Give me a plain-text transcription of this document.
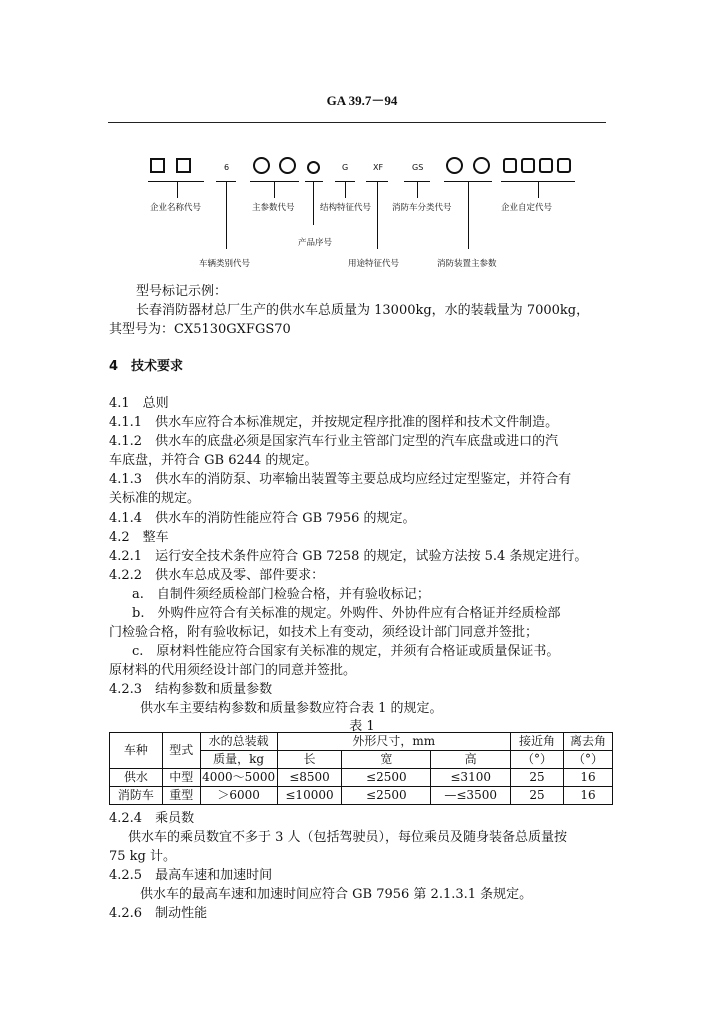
GA 39.7－94
6	G	XF	GS
企业名称代号	主参数代号	结构特征代号 消防车分类代号	企业自定代号
产品序号
车辆类别代号	用途特征代号	消防装置主参数
型号标记示例：
长春消防器材总厂生产的供水车总质量为 13000kg，水的装载量为 7000kg，
其型号为：CX5130GXFGS70
4　技术要求
4.1　总则
4.1.1　供水车应符合本标准规定，并按规定程序批准的图样和技术文件制造。
4.1.2　供水车的底盘必须是国家汽车行业主管部门定型的汽车底盘或进口的汽
车底盘，并符合 GB 6244 的规定。
4.1.3　供水车的消防泵、功率输出装置等主要总成均应经过定型鉴定，并符合有
关标准的规定。
4.1.4　供水车的消防性能应符合 GB 7956 的规定。
4.2　整车
4.2.1　运行安全技术条件应符合 GB 7258 的规定，试验方法按 5.4 条规定进行。
4.2.2　供水车总成及零、部件要求：
a.　自制件须经质检部门检验合格，并有验收标记；
b.　外购件应符合有关标准的规定。外购件、外协件应有合格证并经质检部
门检验合格，附有验收标记，如技术上有变动，须经设计部门同意并签批；
c.　原材料性能应符合国家有关标准的规定，并须有合格证或质量保证书。
原材料的代用须经设计部门的同意并签批。
4.2.3　结构参数和质量参数
供水车主要结构参数和质量参数应符合表 1 的规定。
表 1
车种	型式	水的总装载	外形尺寸，mm			接近角	离去角
		质量，kg	长	宽	高	（°）	（°）
供水	中型	4000～5000	≤8500	≤2500	≤3100	25	16
消防车	重型	＞6000	≤10000	≤2500	—≤3500	25	16
4.2.4　乘员数
供水车的乘员数宜不多于 3 人（包括驾驶员），每位乘员及随身装备总质量按
75 kg 计。
4.2.5　最高车速和加速时间
供水车的最高车速和加速时间应符合 GB 7956 第 2.1.3.1 条规定。
4.2.6　制动性能
